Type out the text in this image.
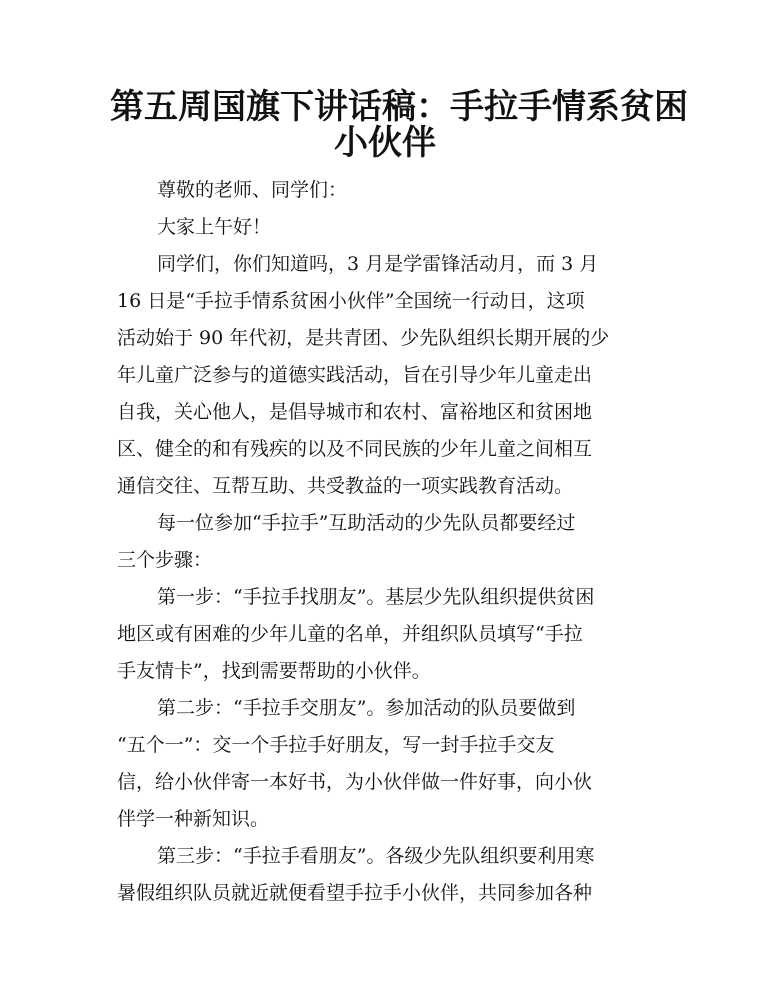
第五周国旗下讲话稿：手拉手情系贫困
小伙伴

尊敬的老师、同学们：

大家上午好！

同学们，你们知道吗，3 月是学雷锋活动月，而 3 月

16 日是“手拉手情系贫困小伙伴”全国统一行动日，这项

活动始于 90 年代初，是共青团、少先队组织长期开展的少

年儿童广泛参与的道德实践活动，旨在引导少年儿童走出

自我，关心他人，是倡导城市和农村、富裕地区和贫困地

区、健全的和有残疾的以及不同民族的少年儿童之间相互

通信交往、互帮互助、共受教益的一项实践教育活动。

每一位参加“手拉手”互助活动的少先队员都要经过

三个步骤：

第一步：“手拉手找朋友”。基层少先队组织提供贫困

地区或有困难的少年儿童的名单，并组织队员填写“手拉

手友情卡”，找到需要帮助的小伙伴。

第二步：“手拉手交朋友”。参加活动的队员要做到

“五个一”：交一个手拉手好朋友，写一封手拉手交友

信，给小伙伴寄一本好书，为小伙伴做一件好事，向小伙

伴学一种新知识。

第三步：“手拉手看朋友”。各级少先队组织要利用寒

暑假组织队员就近就便看望手拉手小伙伴，共同参加各种
